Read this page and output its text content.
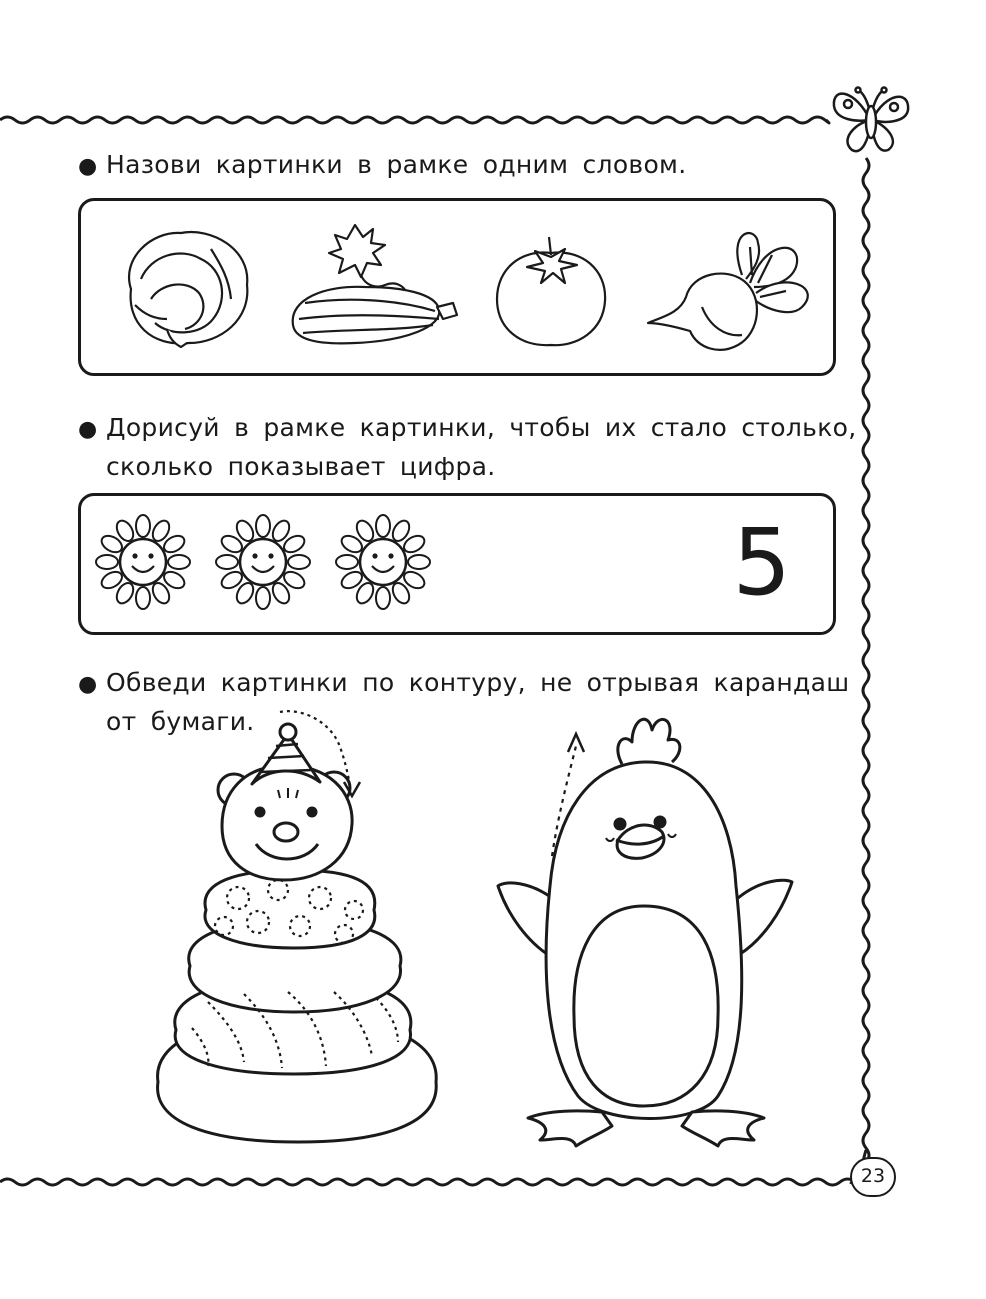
● Назови картинки в рамке одним словом.
● Дорисуй в рамке картинки, чтобы их стало столько,
сколько показывает цифра.
5
● Обведи картинки по контуру, не отрывая карандаш
от бумаги.
23
